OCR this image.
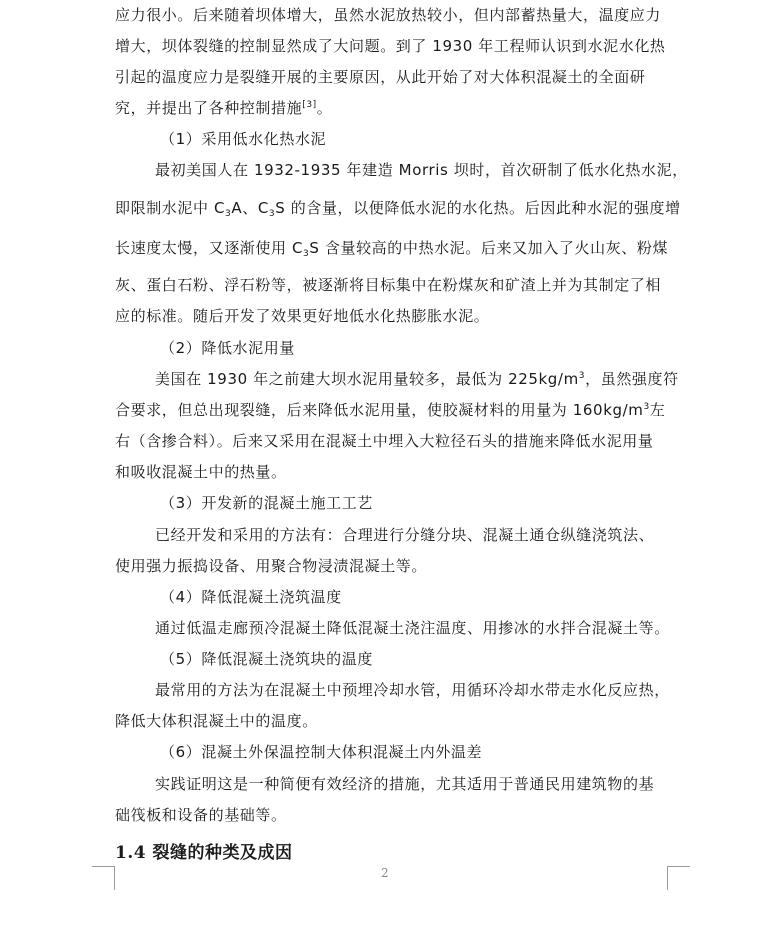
应力很小。后来随着坝体增大，虽然水泥放热较小，但内部蓄热量大，温度应力
增大，坝体裂缝的控制显然成了大问题。到了 1930 年工程师认识到水泥水化热
引起的温度应力是裂缝开展的主要原因，从此开始了对大体积混凝土的全面研
究，并提出了各种控制措施[3]。
（1）采用低水化热水泥
最初美国人在 1932-1935 年建造 Morris 坝时，首次研制了低水化热水泥，
即限制水泥中 $C_3A$、$C_3S$ 的含量，以便降低水泥的水化热。后因此种水泥的强度增
长速度太慢，又逐渐使用 $C_3S$ 含量较高的中热水泥。后来又加入了火山灰、粉煤
灰、蛋白石粉、浮石粉等，被逐渐将目标集中在粉煤灰和矿渣上并为其制定了相
应的标准。随后开发了效果更好地低水化热膨胀水泥。
（2）降低水泥用量
美国在 1930 年之前建大坝水泥用量较多，最低为 $225kg/m^3$，虽然强度符
合要求，但总出现裂缝，后来降低水泥用量，使胶凝材料的用量为 $160kg/m^3$左
右（含掺合料）。后来又采用在混凝土中埋入大粒径石头的措施来降低水泥用量
和吸收混凝土中的热量。
（3）开发新的混凝土施工工艺
已经开发和采用的方法有：合理进行分缝分块、混凝土通仓纵缝浇筑法、
使用强力振捣设备、用聚合物浸渍混凝土等。
（4）降低混凝土浇筑温度
通过低温走廊预冷混凝土降低混凝土浇注温度、用掺冰的水拌合混凝土等。
（5）降低混凝土浇筑块的温度
最常用的方法为在混凝土中预埋冷却水管，用循环冷却水带走水化反应热，
降低大体积混凝土中的温度。
（6）混凝土外保温控制大体积混凝土内外温差
实践证明这是一种简便有效经济的措施，尤其适用于普通民用建筑物的基
础筏板和设备的基础等。
1.4 裂缝的种类及成因
2
